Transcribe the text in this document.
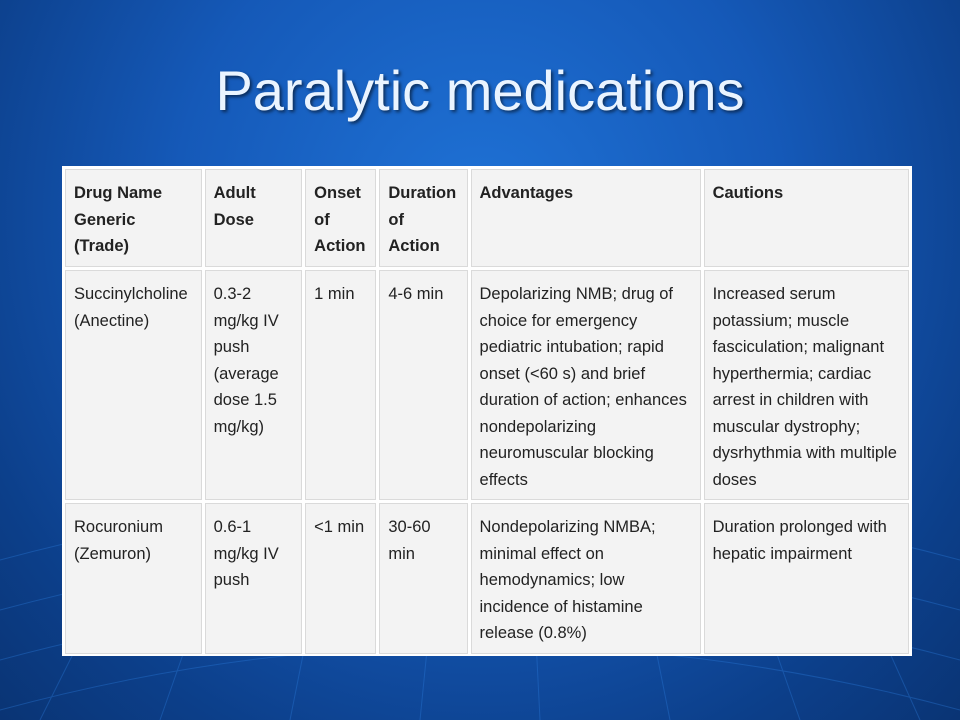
Paralytic medications
Drug Name Generic (Trade)	Adult Dose	Onset of Action	Duration of Action	Advantages	Cautions
Succinylcholine (Anectine)	0.3-2 mg/kg IV push (average dose 1.5 mg/kg)	1 min	4-6 min	Depolarizing NMB; drug of choice for emergency pediatric intubation; rapid onset (<60 s) and brief duration of action; enhances nondepolarizing neuromuscular blocking effects	Increased serum potassium; muscle fasciculation; malignant hyperthermia; cardiac arrest in children with muscular dystrophy; dysrhythmia with multiple doses
Rocuronium (Zemuron)	0.6-1 mg/kg IV push	<1 min	30-60 min	Nondepolarizing NMBA; minimal effect on hemodynamics; low incidence of histamine release (0.8%)	Duration prolonged with hepatic impairment
